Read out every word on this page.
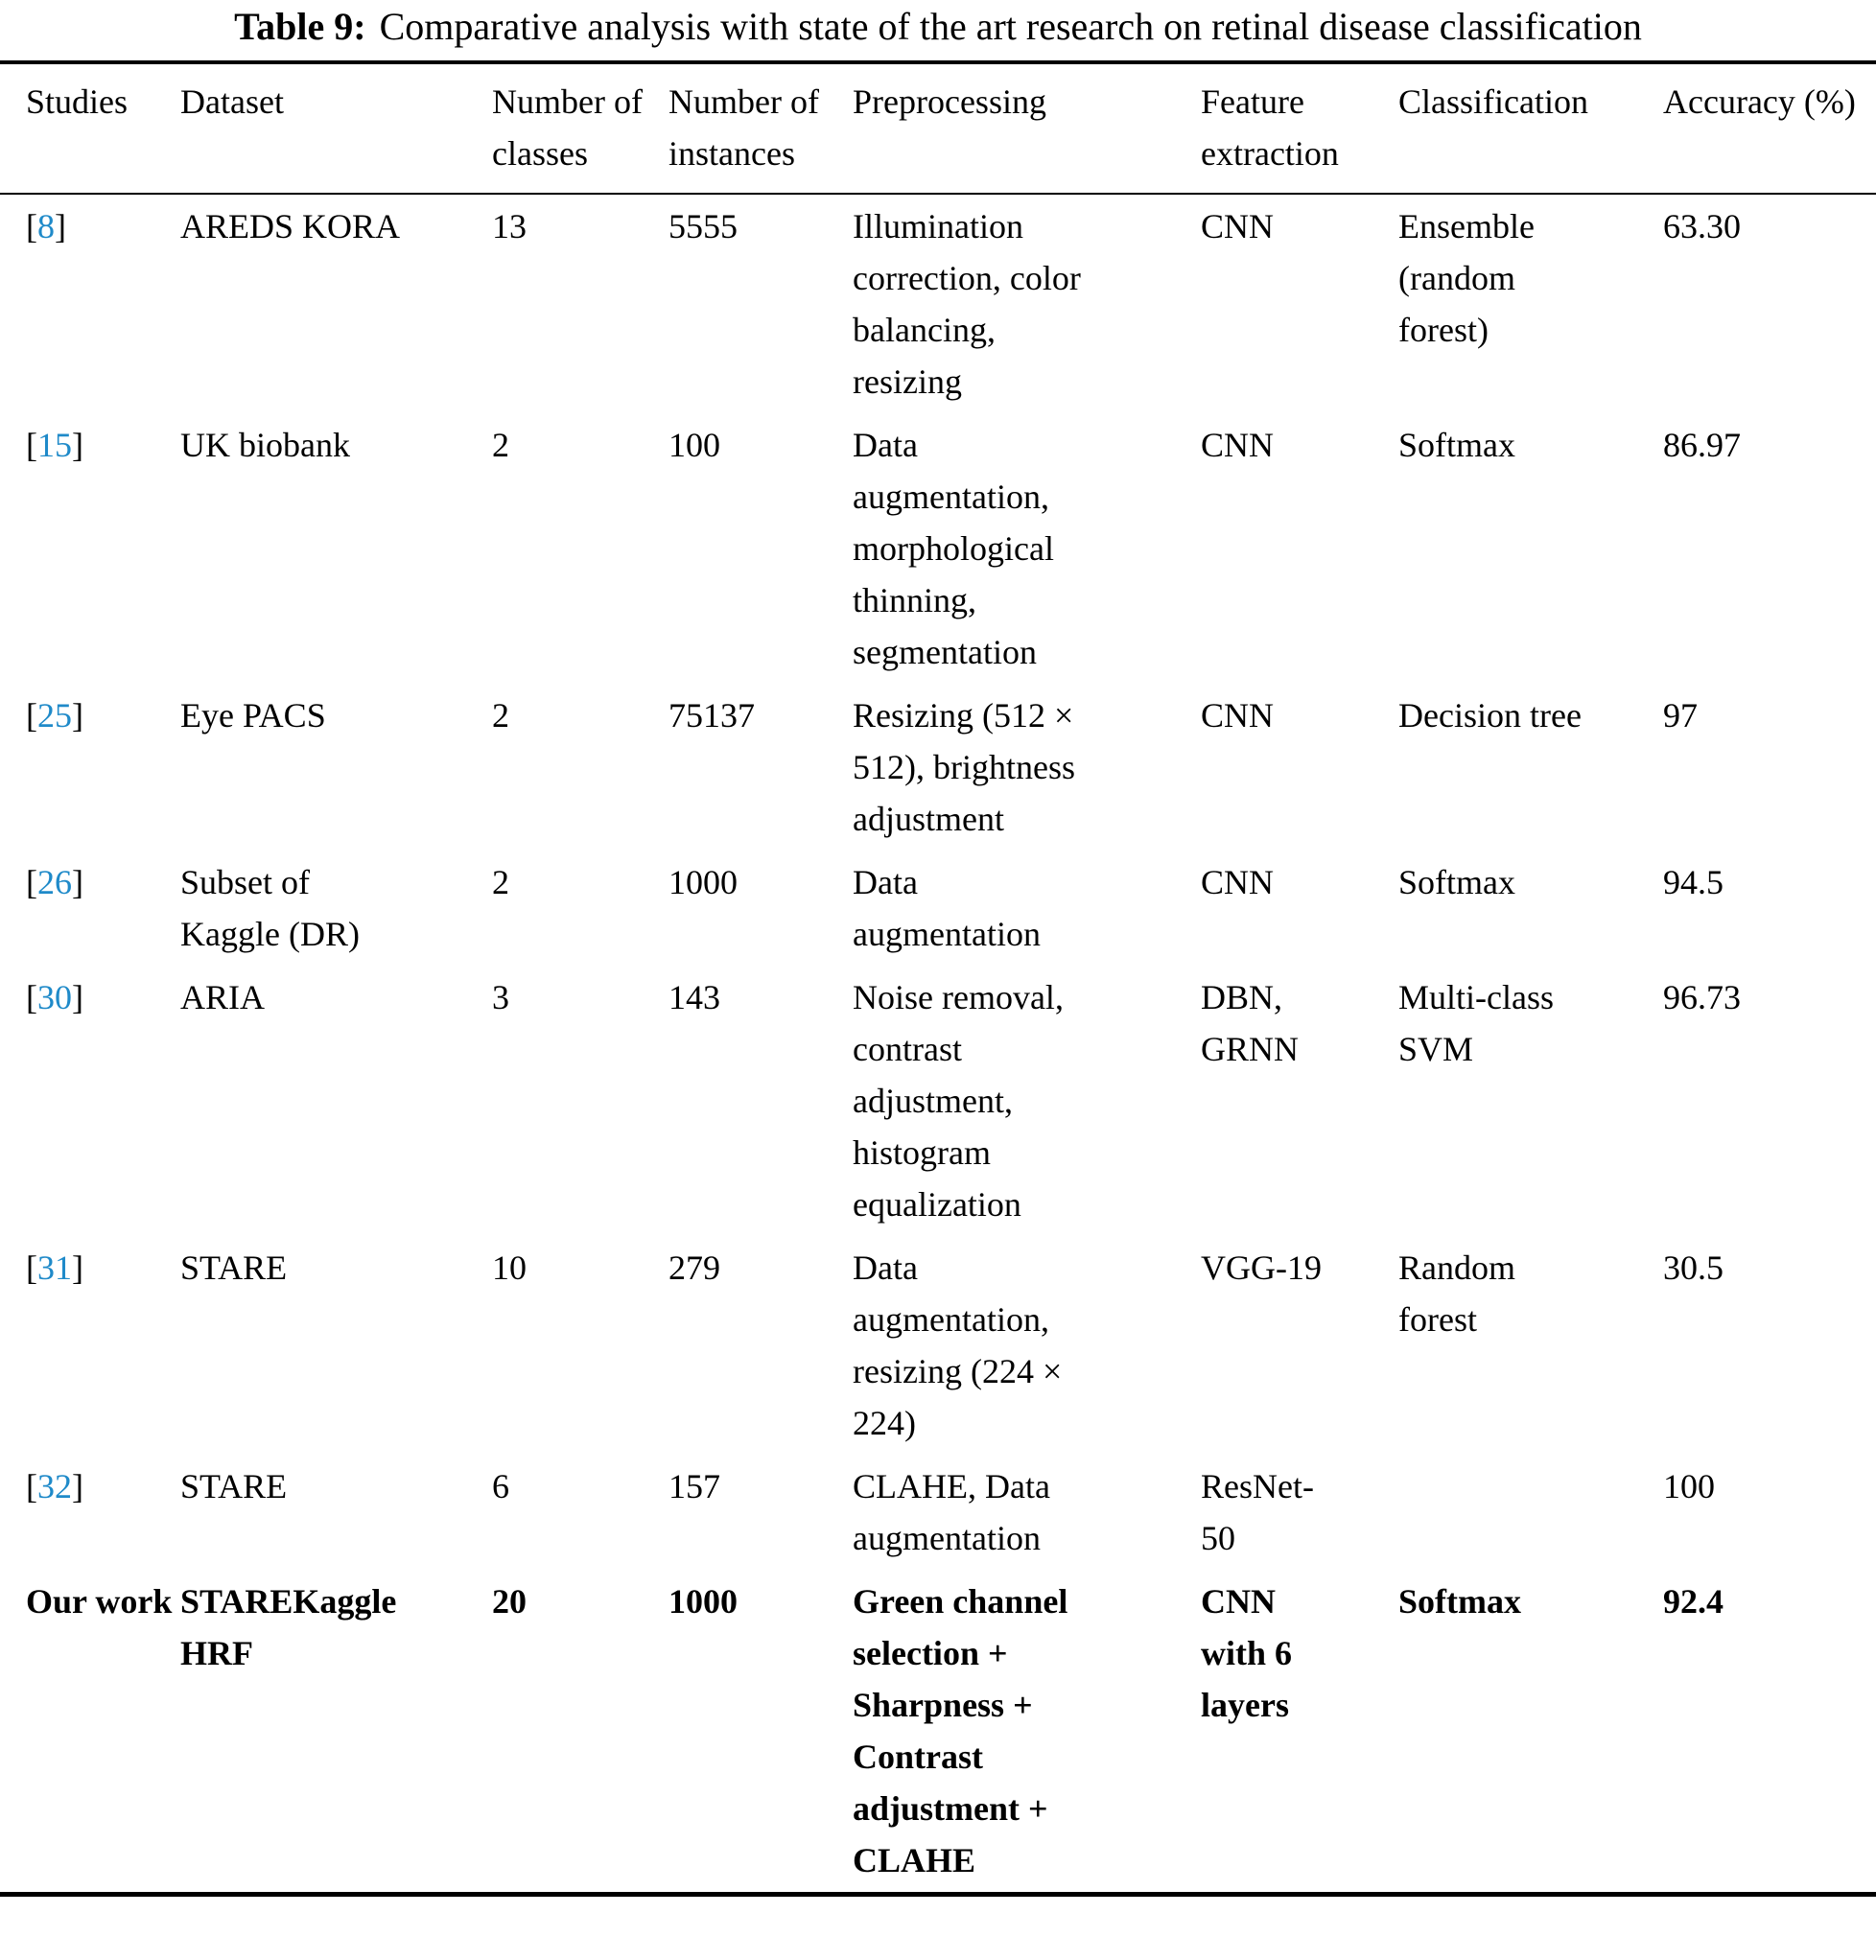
Table 9: Comparative analysis with state of the art research on retinal disease classification
Studies	Dataset	Number of classes	Number of instances	Preprocessing	Feature extraction	Classification	Accuracy (%)
[8]	AREDS KORA	13	5555	Illumination correction, color balancing, resizing	CNN	Ensemble (random forest)	63.30
[15]	UK biobank	2	100	Data augmentation, morphological thinning, segmentation	CNN	Softmax	86.97
[25]	Eye PACS	2	75137	Resizing (512 × 512), brightness adjustment	CNN	Decision tree	97
[26]	Subset of Kaggle (DR)	2	1000	Data augmentation	CNN	Softmax	94.5
[30]	ARIA	3	143	Noise removal, contrast adjustment, histogram equalization	DBN, GRNN	Multi-class SVM	96.73
[31]	STARE	10	279	Data augmentation, resizing (224 × 224)	VGG-19	Random forest	30.5
[32]	STARE	6	157	CLAHE, Data augmentation	ResNet-50		100
Our work	STAREKaggle HRF	20	1000	Green channel selection + Sharpness + Contrast adjustment + CLAHE	CNN with 6 layers	Softmax	92.4
